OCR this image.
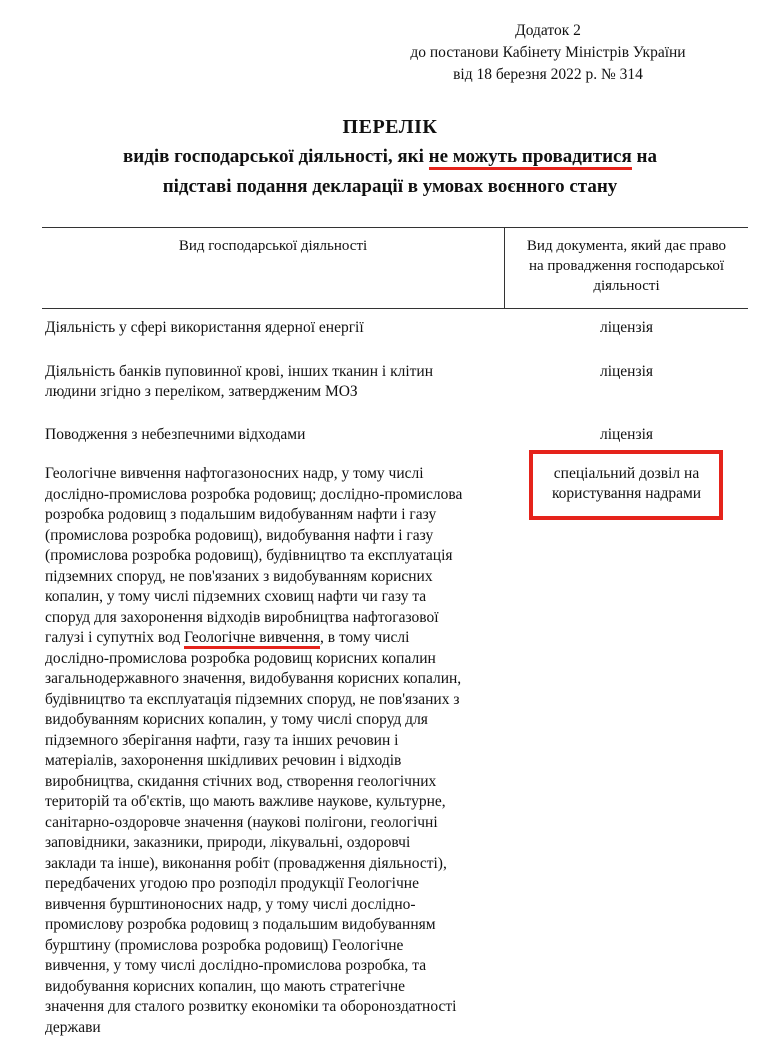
Додаток 2
до постанови Кабінету Міністрів України
від 18 березня 2022 р. № 314
ПЕРЕЛІК
видів господарської діяльності, які не можуть провадитися на
підставі подання декларації в умовах воєнного стану
Вид господарської діяльності	Вид документа, який дає право
на провадження господарської
діяльності
Діяльність у сфері використання ядерної енергії	ліцензія
Діяльність банків пуповинної крові, інших тканин і клітин
людини згідно з переліком, затвердженим МОЗ
ліцензія
Поводження з небезпечними відходами	ліцензія
Геологічне вивчення нафтогазоносних надр, у тому числі
дослідно-промислова розробка родовищ; дослідно-промислова
розробка родовищ з подальшим видобуванням нафти і газу
(промислова розробка родовищ), видобування нафти і газу
(промислова розробка родовищ), будівництво та експлуатація
підземних споруд, не пов'язаних з видобуванням корисних
копалин, у тому числі підземних сховищ нафти чи газу та
споруд для захоронення відходів виробництва нафтогазової
галузі і супутніх вод Геологічне вивчення, в тому числі
дослідно-промислова розробка родовищ корисних копалин
загальнодержавного значення, видобування корисних копалин,
будівництво та експлуатація підземних споруд, не пов'язаних з
видобуванням корисних копалин, у тому числі споруд для
підземного зберігання нафти, газу та інших речовин і
матеріалів, захоронення шкідливих речовин і відходів
виробництва, скидання стічних вод, створення геологічних
територій та об'єктів, що мають важливе наукове, культурне,
санітарно-оздоровче значення (наукові полігони, геологічні
заповідники, заказники, природи, лікувальні, оздоровчі
заклади та інше), виконання робіт (провадження діяльності),
передбачених угодою про розподіл продукції Геологічне
вивчення бурштиноносних надр, у тому числі дослідно-
промислову розробка родовищ з подальшим видобуванням
бурштину (промислова розробка родовищ) Геологічне
вивчення, у тому числі дослідно-промислова розробка, та
видобування корисних копалин, що мають стратегічне
значення для сталого розвитку економіки та обороноздатності
держави
спеціальний дозвіл на
користування надрами
